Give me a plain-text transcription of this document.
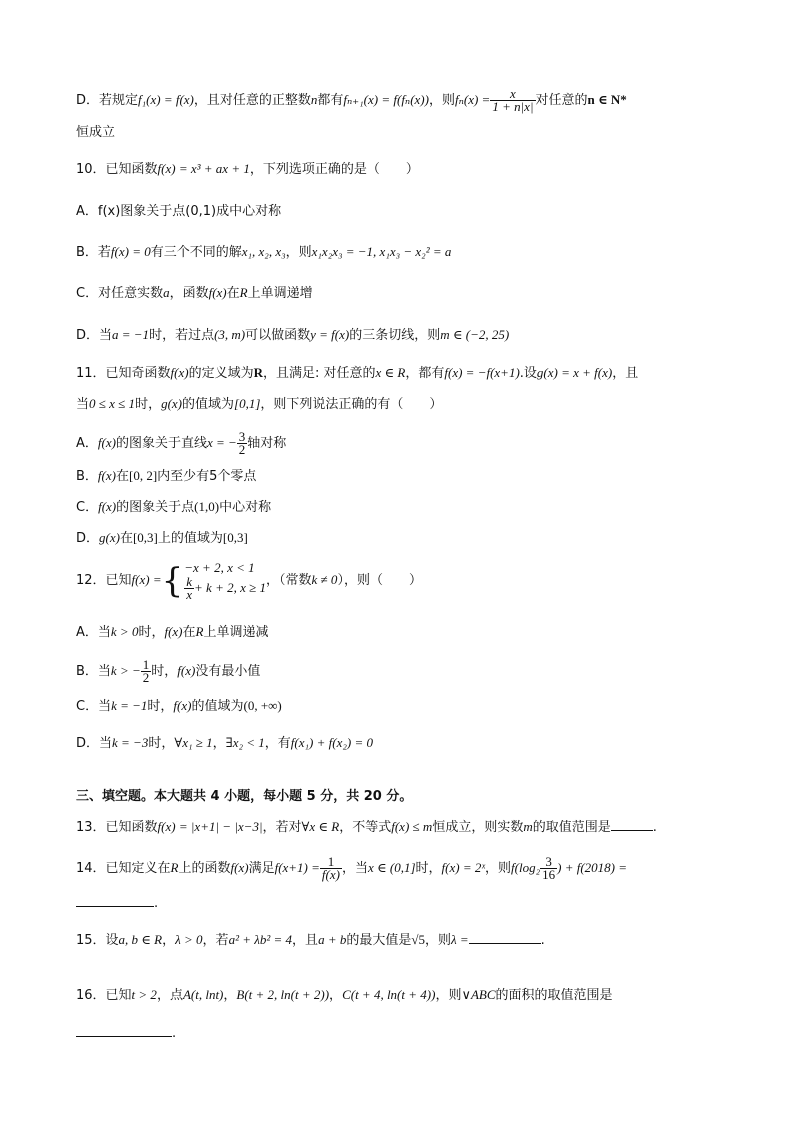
D．若规定f₁(x) = f(x)，且对任意的正整数n都有fₙ₊₁(x) = f(fₙ(x))，则$f_n(x) = \frac{x}{1 + n|x|}$ 对任意的n ∈ N*
恒成立
10．已知函数f(x) = x³ + ax + 1，下列选项正确的是（　　）
A．f(x)图象关于点(0,1)成中心对称
B．若f(x) = 0有三个不同的解x₁, x₂, x₃，则x₁x₂x₃ = −1, x₁x₃ − x₂² = a
C．对任意实数a，函数f(x)在R上单调递增
D．当a = −1时，若过点(3, m)可以做函数y = f(x)的三条切线，则m ∈ (−2, 25)
11．已知奇函数f(x)的定义域为R，且满足: 对任意的x ∈ R，都有f(x) = −f(x+1).设g(x) = x + f(x)，且
当0 ≤ x ≤ 1时，g(x)的值域为[0,1]，则下列说法正确的有（　　）
A．f(x)的图象关于直线x = − $\frac{3}{2}$ 轴对称
B．f(x)在[0, 2]内至少有5个零点
C．f(x)的图象关于点(1,0)中心对称
D．g(x)在[0,3]上的值域为[0,3]
12．已知f(x) ={ −x + 2, x < 1
$\frac{k}{x} + k + 2$, x ≥ 1 ，（常数k ≠ 0），则（　　）
A．当k > 0时，f(x)在R上单调递减
B．当k > − $\frac{1}{2}$ 时，f(x)没有最小值
C．当k = −1时，f(x)的值域为(0, +∞)
D．当k = −3时，∀x₁ ≥ 1，∃x₂ < 1，有f(x₁) + f(x₂) = 0
三、填空题。本大题共 4 小题，每小题 5 分，共 20 分。
13．已知函数f(x) = |x+1| − |x−3|，若对∀x ∈ R，不等式f(x) ≤ m恒成立，则实数m的取值范围是	.
14．已知定义在R上的函数f(x)满足$f(x+1) = \frac{1}{f(x)}$ ，当x ∈ (0,1]时，f(x) = 2ˣ，则$f(\log_2 \frac{3}{16}$ ) + f(2018) =
.
15．设a, b ∈ R，λ > 0，若a² + λb² = 4，且a + b的最大值是√5，则λ =	.
16．已知t > 2，点A(t, lnt)，B(t + 2, ln(t + 2))，C(t + 4, ln(t + 4))，则∨ABC的面积的取值范围是
.
